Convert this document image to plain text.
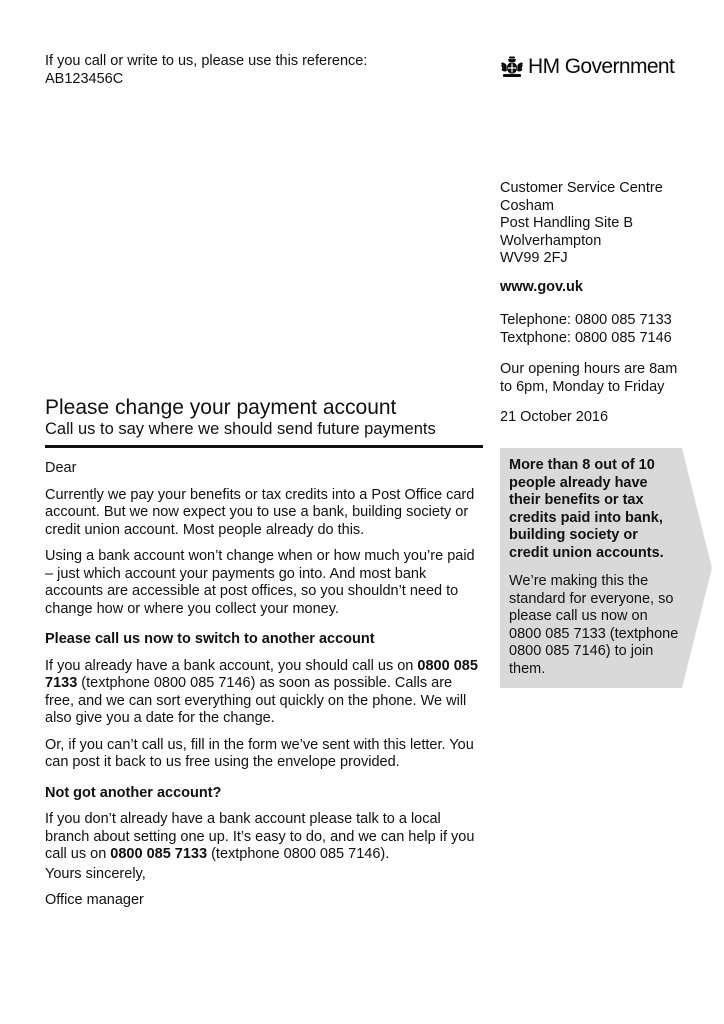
If you call or write to us, please use this reference:
AB123456C
HM Government
Customer Service Centre
Cosham
Post Handling Site B
Wolverhampton
WV99 2FJ
www.gov.uk
Telephone: 0800 085 7133
Textphone: 0800 085 7146
Our opening hours are 8am to 6pm, Monday to Friday
21 October 2016
Please change your payment account
Call us to say where we should send future payments

Dear

Currently we pay your benefits or tax credits into a Post Office card account. But we now expect you to use a bank, building society or credit union account. Most people already do this.

Using a bank account won’t change when or how much you’re paid – just which account your payments go into. And most bank accounts are accessible at post offices, so you shouldn’t need to change how or where you collect your money.

Please call us now to switch to another account

If you already have a bank account, you should call us on 0800 085 7133 (textphone 0800 085 7146) as soon as possible. Calls are free, and we can sort everything out quickly on the phone. We will also give you a date for the change.

Or, if you can’t call us, fill in the form we’ve sent with this letter. You can post it back to us free using the envelope provided.

Not got another account?

If you don’t already have a bank account please talk to a local branch about setting one up. It’s easy to do, and we can help if you call us on 0800 085 7133 (textphone 0800 085 7146).

More than 8 out of 10 people already have their benefits or tax credits paid into bank, building society or credit union accounts.

We’re making this the standard for everyone, so please call us now on 0800 085 7133 (textphone 0800 085 7146) to join them.

Yours sincerely,
Office manager
